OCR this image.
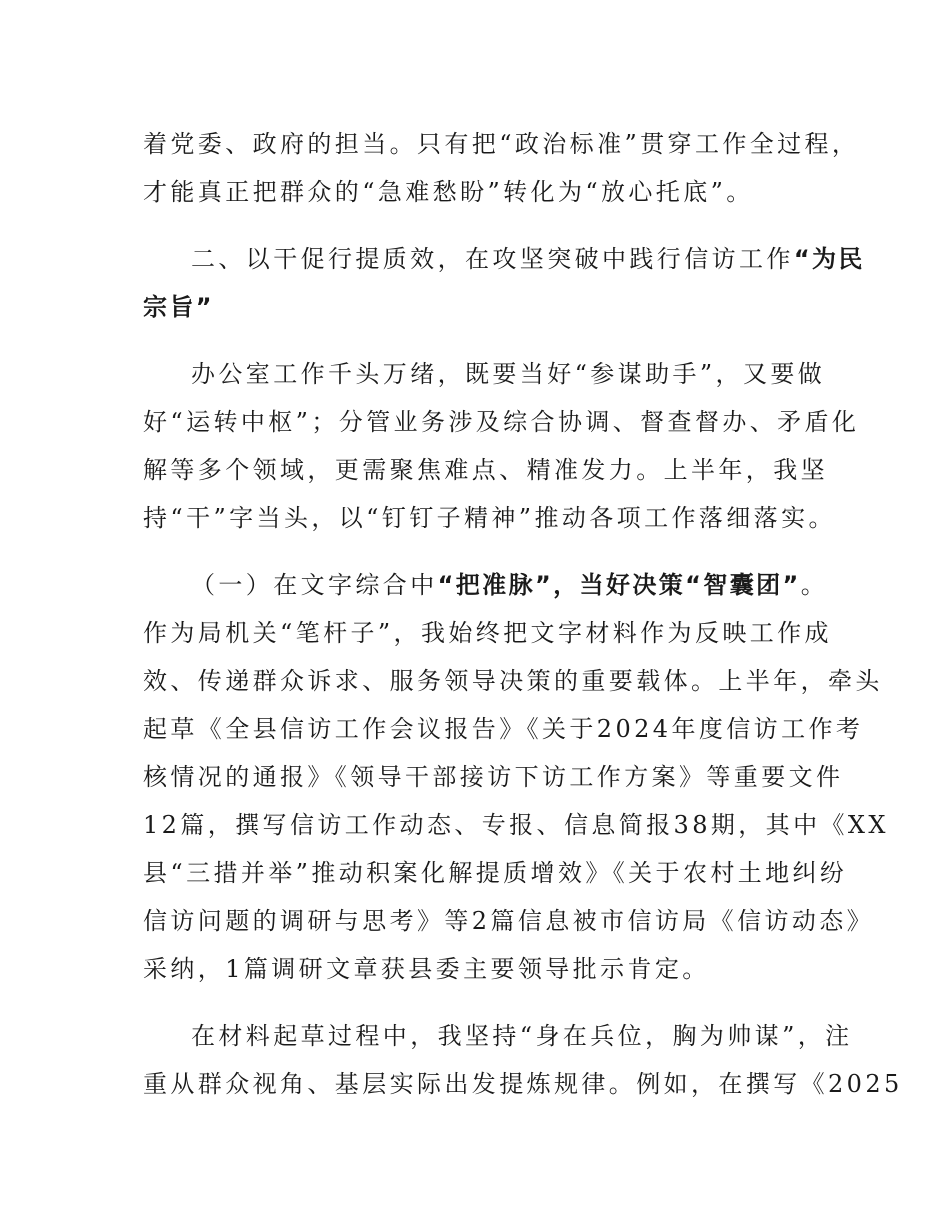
着党委、政府的担当。只有把“政治标准”贯穿工作全过程，
才能真正把群众的“急难愁盼”转化为“放心托底”。
二、以干促行提质效，在攻坚突破中践行信访工作“为民
宗旨”
办公室工作千头万绪，既要当好“参谋助手”，又要做
好“运转中枢”；分管业务涉及综合协调、督查督办、矛盾化
解等多个领域，更需聚焦难点、精准发力。上半年，我坚
持“干”字当头，以“钉钉子精神”推动各项工作落细落实。
（一）在文字综合中“把准脉”，当好决策“智囊团”。
作为局机关“笔杆子”，我始终把文字材料作为反映工作成
效、传递群众诉求、服务领导决策的重要载体。上半年，牵头
起草《全县信访工作会议报告》《关于2024年度信访工作考
核情况的通报》《领导干部接访下访工作方案》等重要文件
12篇，撰写信访工作动态、专报、信息简报38期，其中《XX
县“三措并举”推动积案化解提质增效》《关于农村土地纠纷
信访问题的调研与思考》等2篇信息被市信访局《信访动态》
采纳，1篇调研文章获县委主要领导批示肯定。
在材料起草过程中，我坚持“身在兵位，胸为帅谋”，注
重从群众视角、基层实际出发提炼规律。例如，在撰写《2025
